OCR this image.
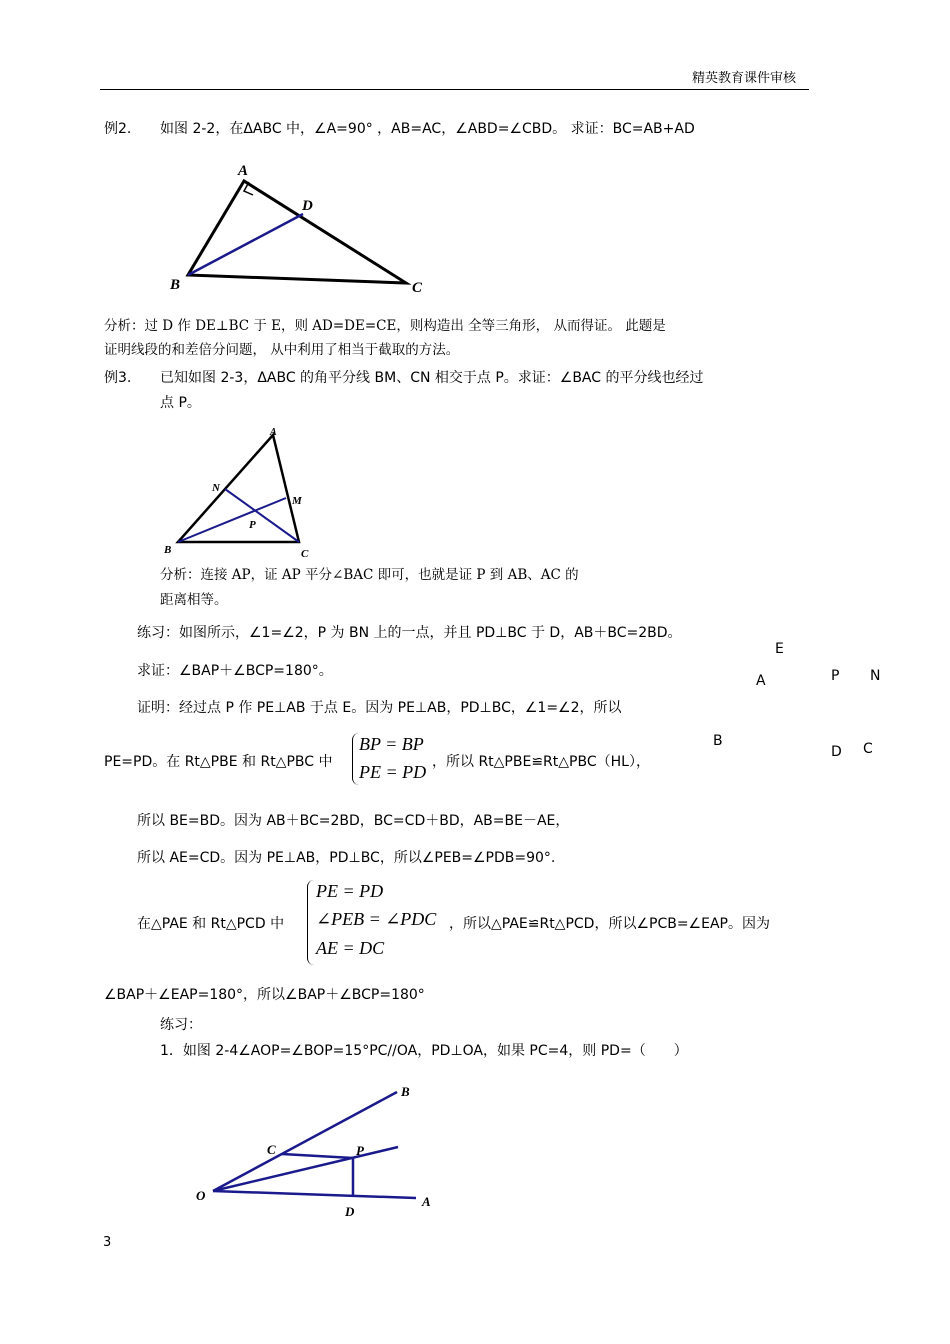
精英教育课件审核
例2. 如图 2-2，在ΔABC 中，∠A=90° ，AB=AC，∠ABD=∠CBD。 求证：BC=AB+AD
A
D
B	C
分析：过 D 作 DE⊥BC 于 E，则 AD=DE=CE，则构造出 全等三角形， 从而得证。 此题是
证明线段的和差倍分问题， 从中利用了相当于截取的方法。
例3. 已知如图 2-3，ΔABC 的角平分线 BM、CN 相交于点 P。求证：∠BAC 的平分线也经过
点 P。
A
N
M
P
B	C
分析：连接 AP，证 AP 平分∠BAC 即可，也就是证 P 到 AB、AC 的
距离相等。
练习：如图所示，∠1=∠2，P 为 BN 上的一点，并且 PD⊥BC 于 D，AB＋BC=2BD。
求证：∠BAP＋∠BCP=180°。
证明：经过点 P 作 PE⊥AB 于点 E。因为 PE⊥AB，PD⊥BC，∠1=∠2，所以
PE=PD。在 Rt△PBE 和 Rt△PBC 中
BP = BP
PE = PD ，所以 Rt△PBE≌Rt△PBC（HL），
所以 BE=BD。因为 AB＋BC=2BD，BC=CD＋BD，AB=BE－AE，
所以 AE=CD。因为 PE⊥AB，PD⊥BC，所以∠PEB=∠PDB=90°.
在△PAE 和 Rt△PCD 中
PE = PD
∠PEB = ∠PDC
AE = DC
，所以△PAE≌Rt△PCD，所以∠PCB=∠EAP。因为
∠BAP＋∠EAP=180°，所以∠BAP＋∠BCP=180°
E
A	P N
B
D C
练习：
1．如图 2-4∠AOP=∠BOP=15°PC//OA，PD⊥OA，如果 PC=4，则 PD=（　　）
O	A
B
C	P
D
3
